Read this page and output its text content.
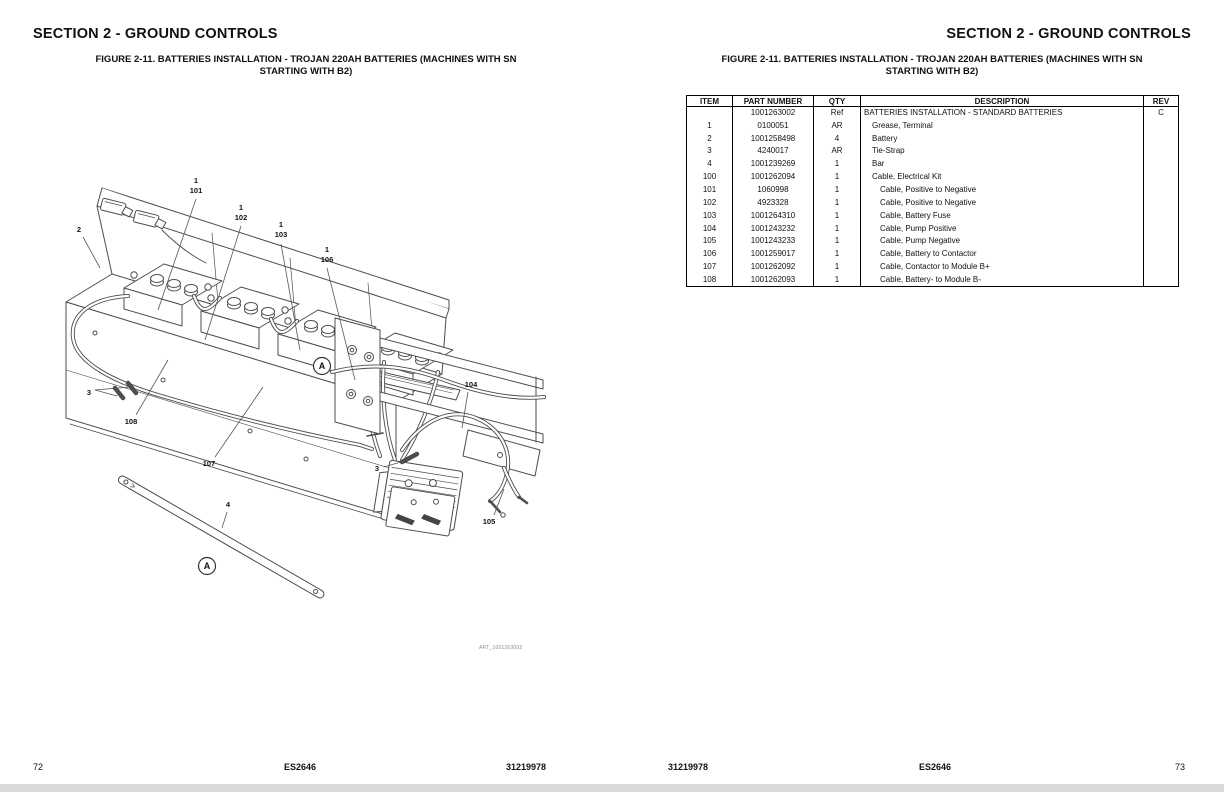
SECTION 2 - GROUND CONTROLS
FIGURE 2-11. BATTERIES INSTALLATION - TROJAN 220AH BATTERIES (MACHINES WITH SN
STARTING WITH B2)
1
101
1
102
1
103
1
106
2
3
108
107
104
3
105
4
A
A
ART_1001263002
72	ES2646	31219978
SECTION 2 - GROUND CONTROLS
FIGURE 2-11. BATTERIES INSTALLATION - TROJAN 220AH BATTERIES (MACHINES WITH SN
STARTING WITH B2)
ITEM	PART NUMBER	QTY	DESCRIPTION	REV
	1001263002	Ref	BATTERIES INSTALLATION - STANDARD BATTERIES	C
1	0100051	AR	Grease, Terminal	
2	1001258498	4	Battery	
3	4240017	AR	Tie-Strap	
4	1001239269	1	Bar	
100	1001262094	1	Cable, Electrical Kit	
101	1060998	1	Cable, Positive to Negative	
102	4923328	1	Cable, Positive to Negative	
103	1001264310	1	Cable, Battery Fuse	
104	1001243232	1	Cable, Pump Positive	
105	1001243233	1	Cable, Pump Negative	
106	1001259017	1	Cable, Battery to Contactor	
107	1001262092	1	Cable, Contactor to Module B+	
108	1001262093	1	Cable, Battery- to Module B-	
31219978	ES2646	73
